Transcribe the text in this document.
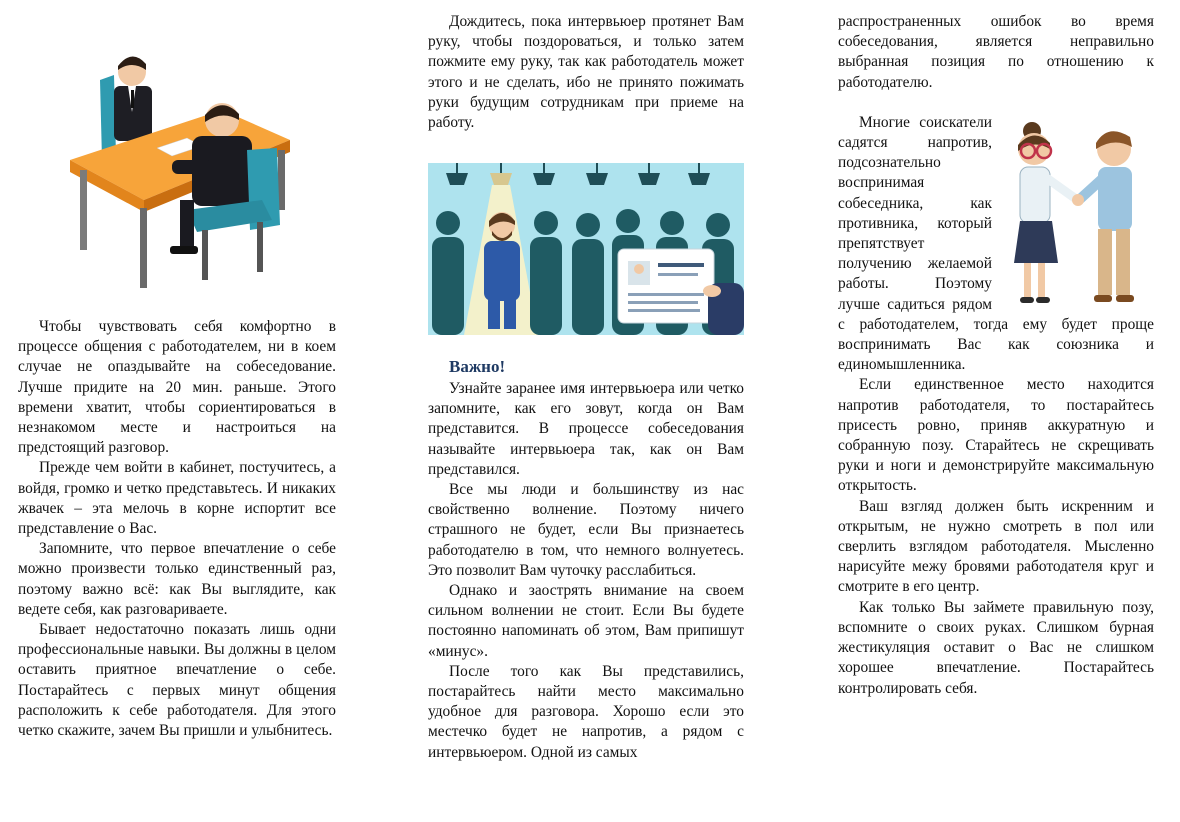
Чтобы чувствовать себя комфортно в процессе общения с работодателем, ни в коем случае не опаздывайте на собеседование. Лучше придите на 20 мин. раньше. Этого времени хватит, чтобы сориентироваться в незнакомом месте и настроиться на предстоящий разговор.

Прежде чем войти в кабинет, постучитесь, а войдя, громко и четко представьтесь. И никаких жвачек – эта мелочь в корне испортит все представление о Вас.

Запомните, что первое впечатление о себе можно произвести только единственный раз, поэтому важно всё: как Вы выглядите, как ведете себя, как разговариваете.

Бывает недостаточно показать лишь одни профессиональные навыки. Вы должны в целом оставить приятное впечатление о себе. Постарайтесь с первых минут общения расположить к себе работодателя. Для этого четко скажите, зачем Вы пришли и улыбнитесь.

Дождитесь, пока интервьюер протянет Вам руку, чтобы поздороваться, и только затем пожмите ему руку, так как работодатель может этого и не сделать, ибо не принято пожимать руки будущим сотрудникам при приеме на работу.

Важно!

Узнайте заранее имя интервьюера или четко запомните, как его зовут, когда он Вам представится. В процессе собеседования называйте интервьюера так, как он Вам представился.

Все мы люди и большинству из нас свойственно волнение. Поэтому ничего страшного не будет, если Вы признаетесь работодателю в том, что немного волнуетесь. Это позволит Вам чуточку расслабиться.

Однако и заострять внимание на своем сильном волнении не стоит. Если Вы будете постоянно напоминать об этом, Вам припишут «минус».

После того как Вы представились, постарайтесь найти место максимально удобное для разговора. Хорошо если это местечко будет не напротив, а рядом с интервьюером. Одной из самых

распространенных ошибок во время собеседования, является неправильно выбранная позиция по отношению к работодателю.

Многие соискатели садятся напротив, подсознательно воспринимая собеседника, как противника, который препятствует получению желаемой работы. Поэтому лучше садиться рядом с работодателем, тогда ему будет проще воспринимать Вас как союзника и единомышленника.

Если единственное место находится напротив работодателя, то постарайтесь присесть ровно, приняв аккуратную и собранную позу. Старайтесь не скрещивать руки и ноги и демонстрируйте максимальную открытость.

Ваш взгляд должен быть искренним и открытым, не нужно смотреть в пол или сверлить взглядом работодателя. Мысленно нарисуйте межу бровями работодателя круг и смотрите в его центр.

Как только Вы займете правильную позу, вспомните о своих руках. Слишком бурная жестикуляция оставит о Вас не слишком хорошее впечатление. Постарайтесь контролировать себя.
